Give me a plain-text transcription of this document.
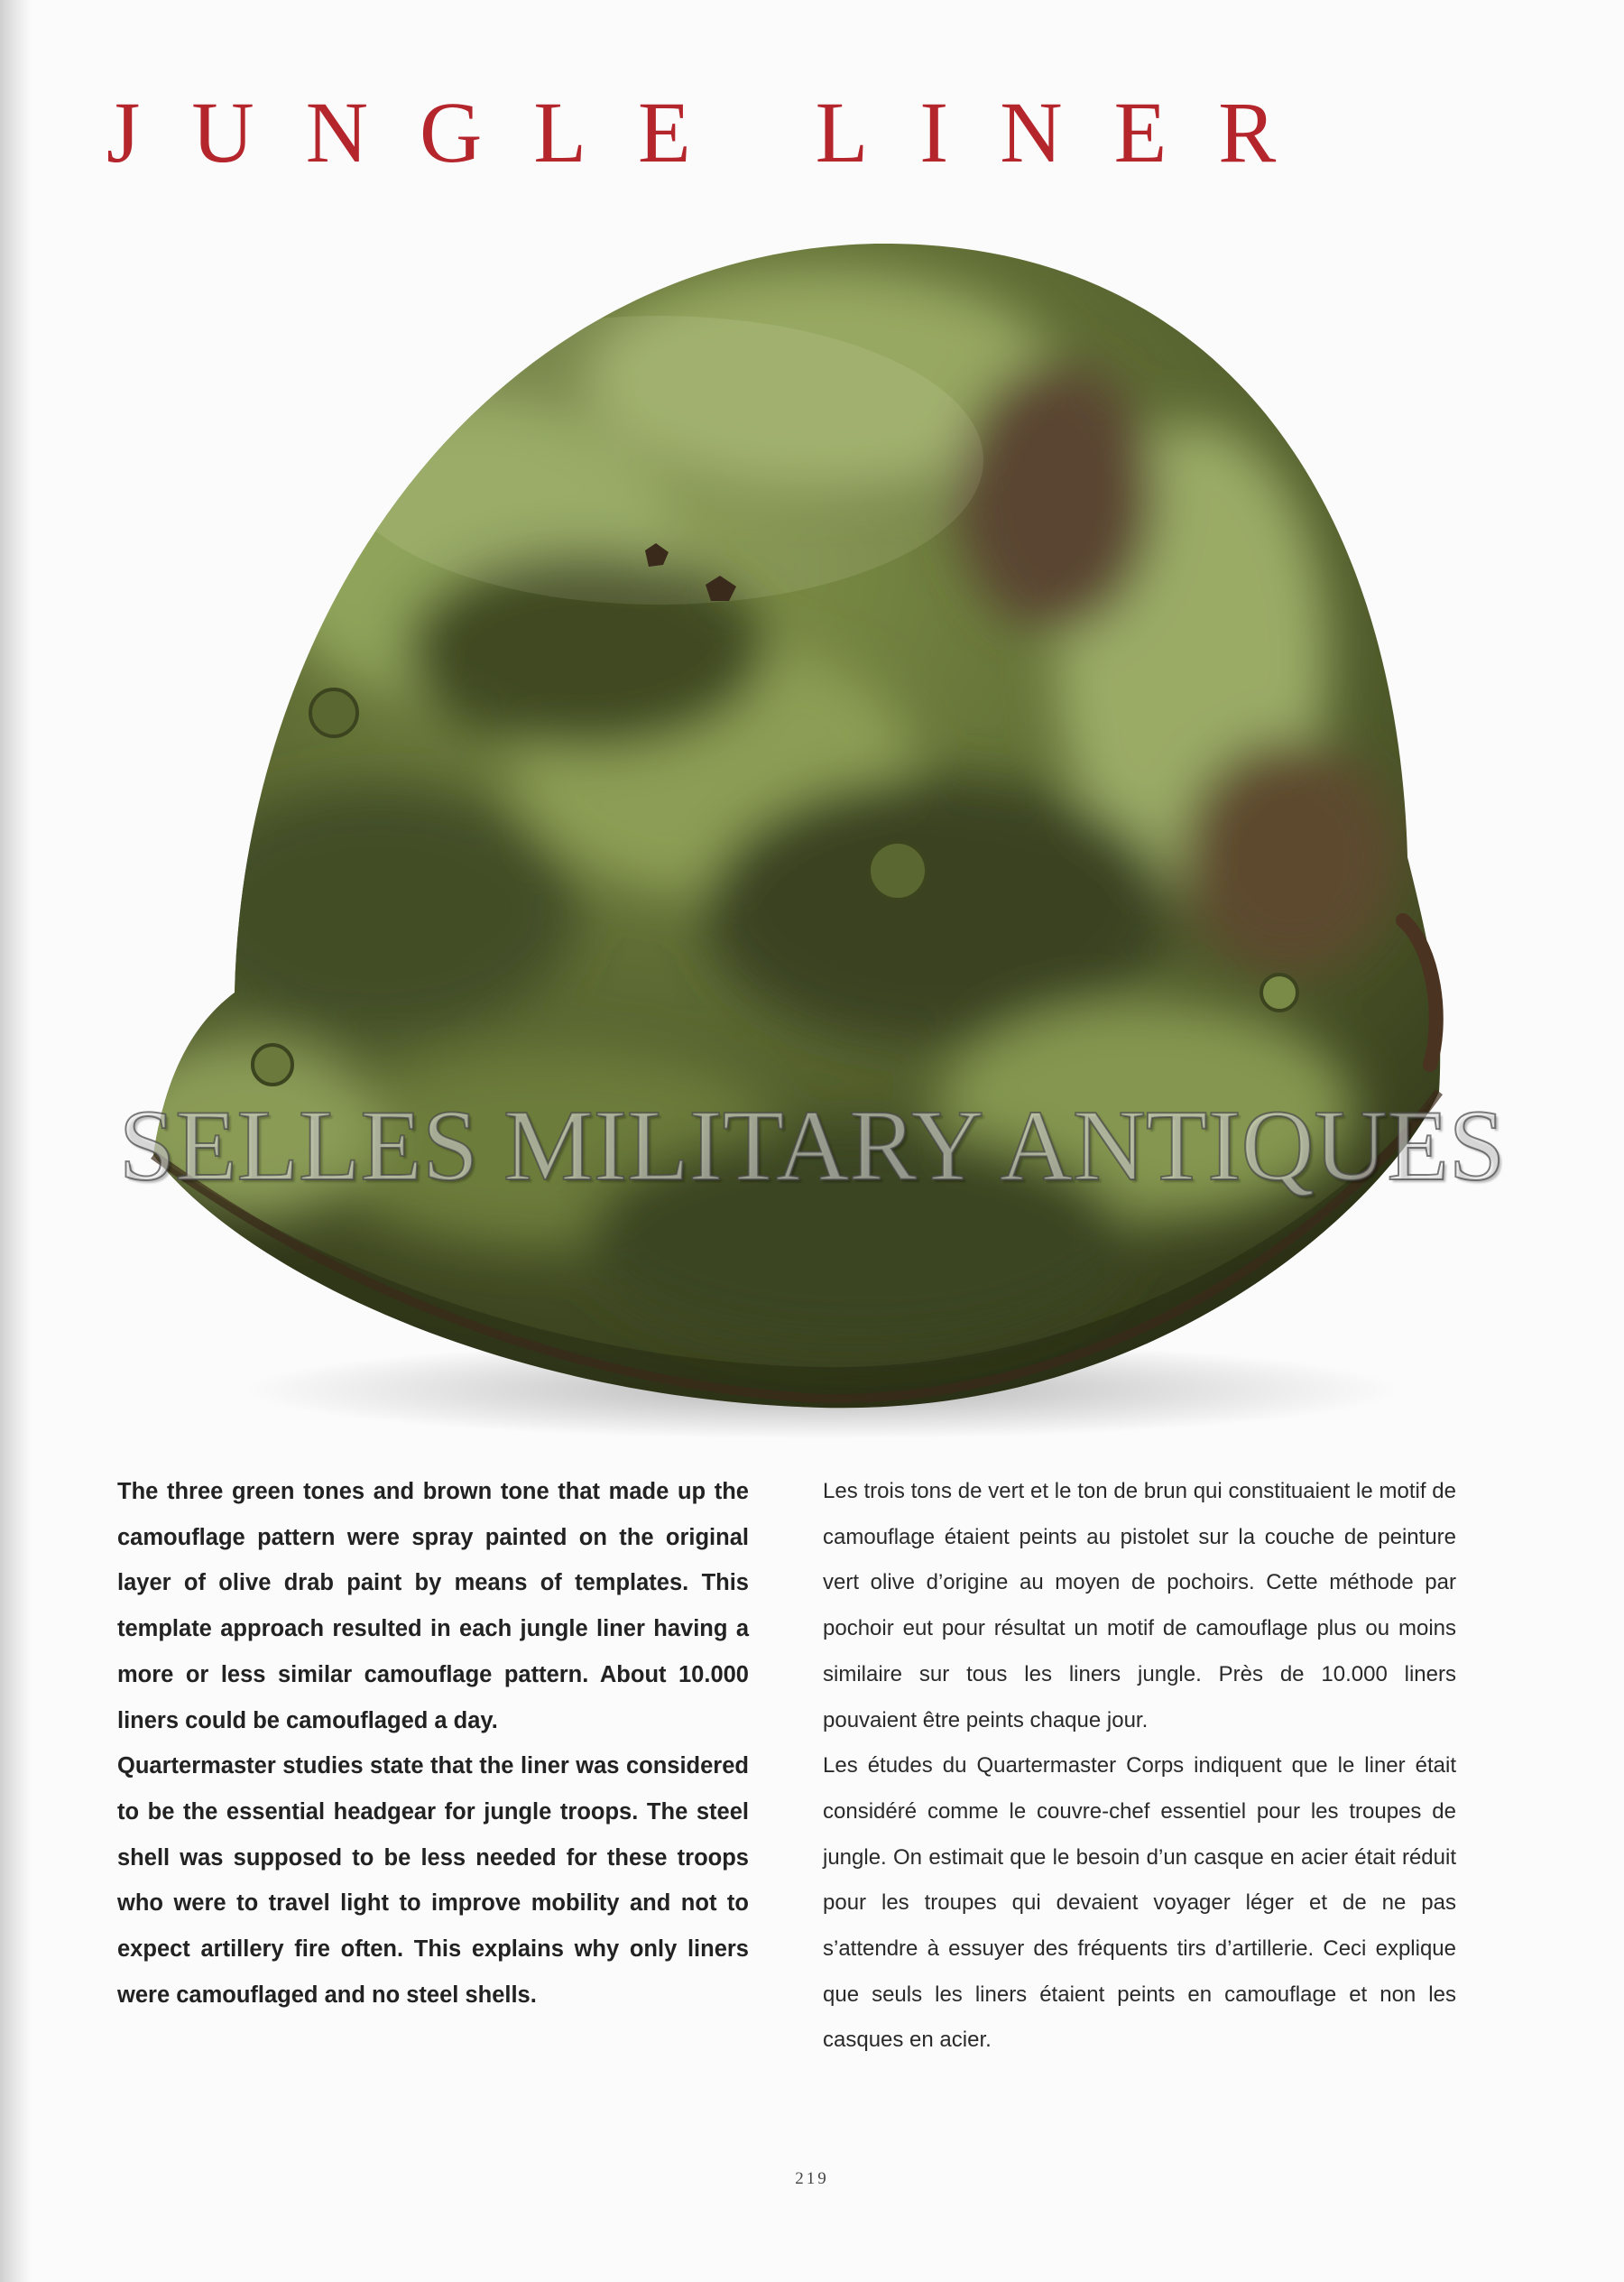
JUNGLE LINER
SELLES MILITARY ANTIQUES

The three green tones and brown tone that made up the camouflage pattern were spray painted on the original layer of olive drab paint by means of templates. This template approach resulted in each jungle liner having a more or less similar camouflage pattern. About 10.000 liners could be camouflaged a day.

Quartermaster studies state that the liner was considered to be the essential headgear for jungle troops. The steel shell was supposed to be less needed for these troops who were to travel light to improve mobility and not to expect artillery fire often. This explains why only liners were camouflaged and no steel shells.

Les trois tons de vert et le ton de brun qui constituaient le motif de camouflage étaient peints au pistolet sur la couche de peinture vert olive d’origine au moyen de pochoirs. Cette méthode par pochoir eut pour résultat un motif de camouflage plus ou moins similaire sur tous les liners jungle. Près de 10.000 liners pouvaient être peints chaque jour.

Les études du Quartermaster Corps indiquent que le liner était considéré comme le couvre-chef essentiel pour les troupes de jungle. On estimait que le besoin d’un casque en acier était réduit pour les troupes qui devaient voyager léger et de ne pas s’attendre à essuyer des fréquents tirs d’artillerie. Ceci explique que seuls les liners étaient peints en camouflage et non les casques en acier.

219
